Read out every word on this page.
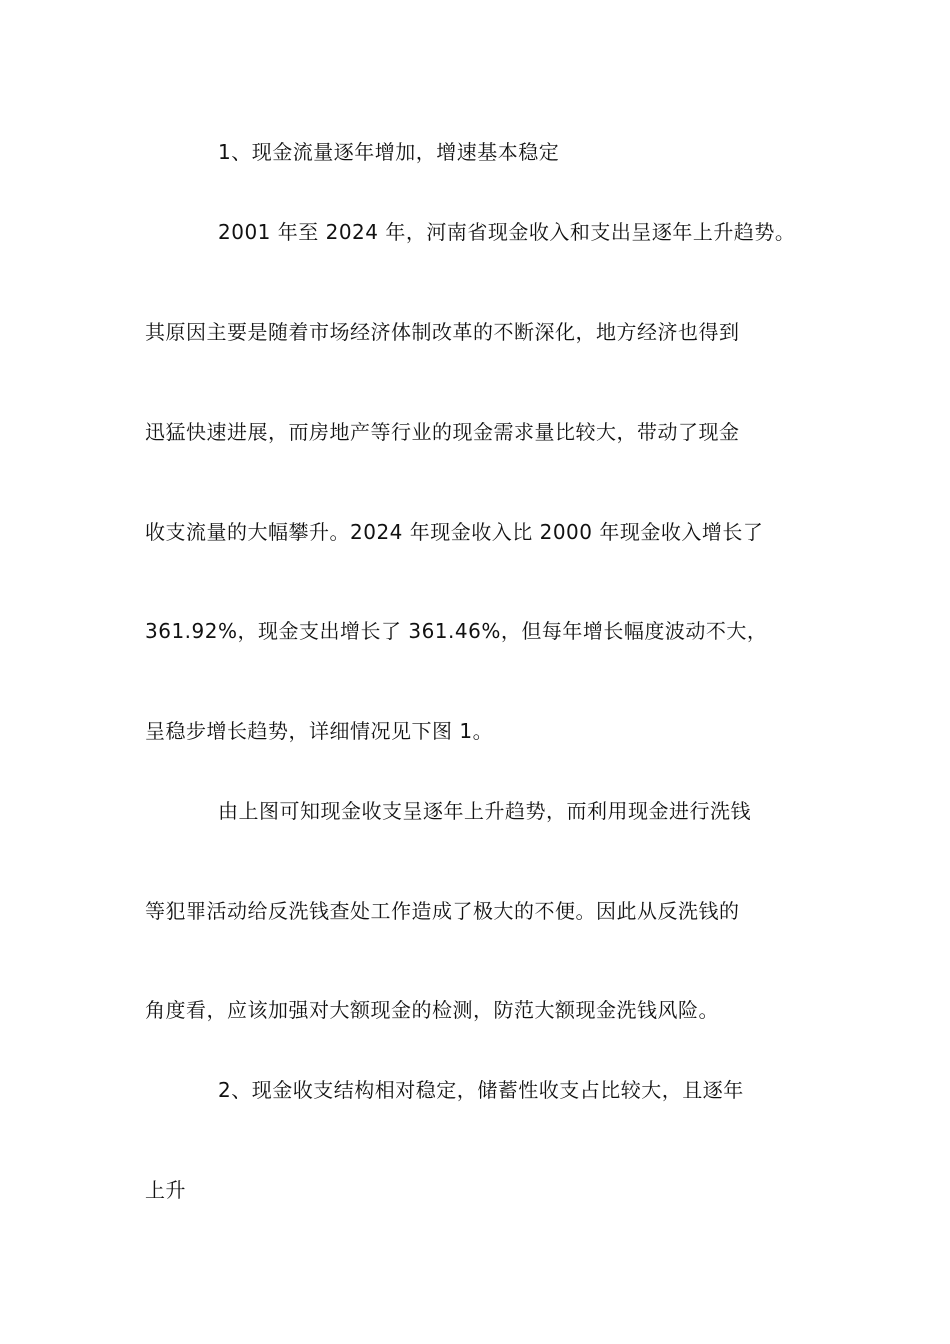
1、现金流量逐年增加，增速基本稳定
2001 年至 2024 年，河南省现金收入和支出呈逐年上升趋势。
其原因主要是随着市场经济体制改革的不断深化，地方经济也得到
迅猛快速进展，而房地产等行业的现金需求量比较大，带动了现金
收支流量的大幅攀升。2024 年现金收入比 2000 年现金收入增长了
361.92%，现金支出增长了 361.46%，但每年增长幅度波动不大，
呈稳步增长趋势，详细情况见下图 1。
由上图可知现金收支呈逐年上升趋势，而利用现金进行洗钱
等犯罪活动给反洗钱查处工作造成了极大的不便。因此从反洗钱的
角度看，应该加强对大额现金的检测，防范大额现金洗钱风险。
2、现金收支结构相对稳定，储蓄性收支占比较大，且逐年
上升
